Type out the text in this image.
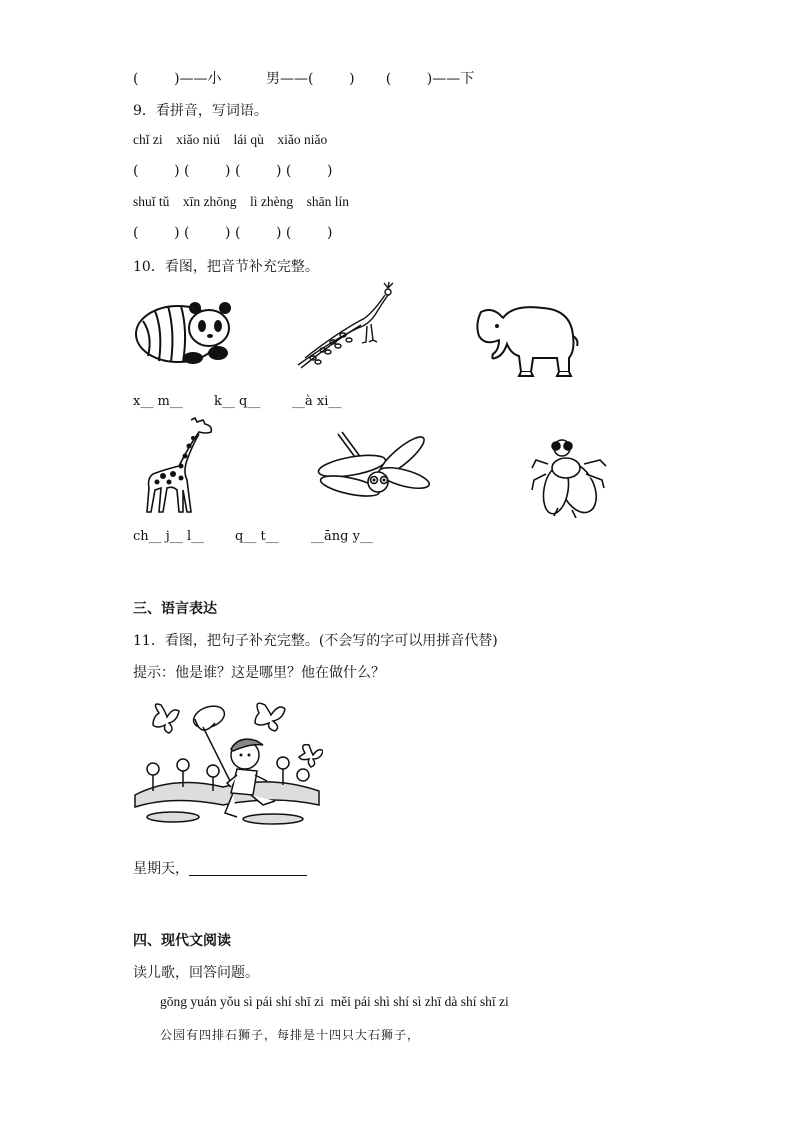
(        )——小          男——(        )       (        )——下
9．看拼音，写词语。
chǐ zi    xiǎo niú    lái qù    xiǎo niǎo
(        ) (        ) (        ) (        )
shuǐ tǔ    xīn zhōng    lì zhèng    shān lín
(        ) (        ) (        ) (        )
10．看图，把音节补充完整。
x__ m__ k__ q__ __à xi__
ch__ j__ l__ q__ t__ __āng y__
三、语言表达
11．看图，把句子补充完整。(不会写的字可以用拼音代替)
提示：他是谁？这是哪里？他在做什么？
星期天，
四、现代文阅读
读儿歌，回答问题。
gōng yuán yǒu sì pái shí shī zi  měi pái shì shí sì zhī dà shí shī zi
公园有四排石狮子，每排是十四只大石狮子，
